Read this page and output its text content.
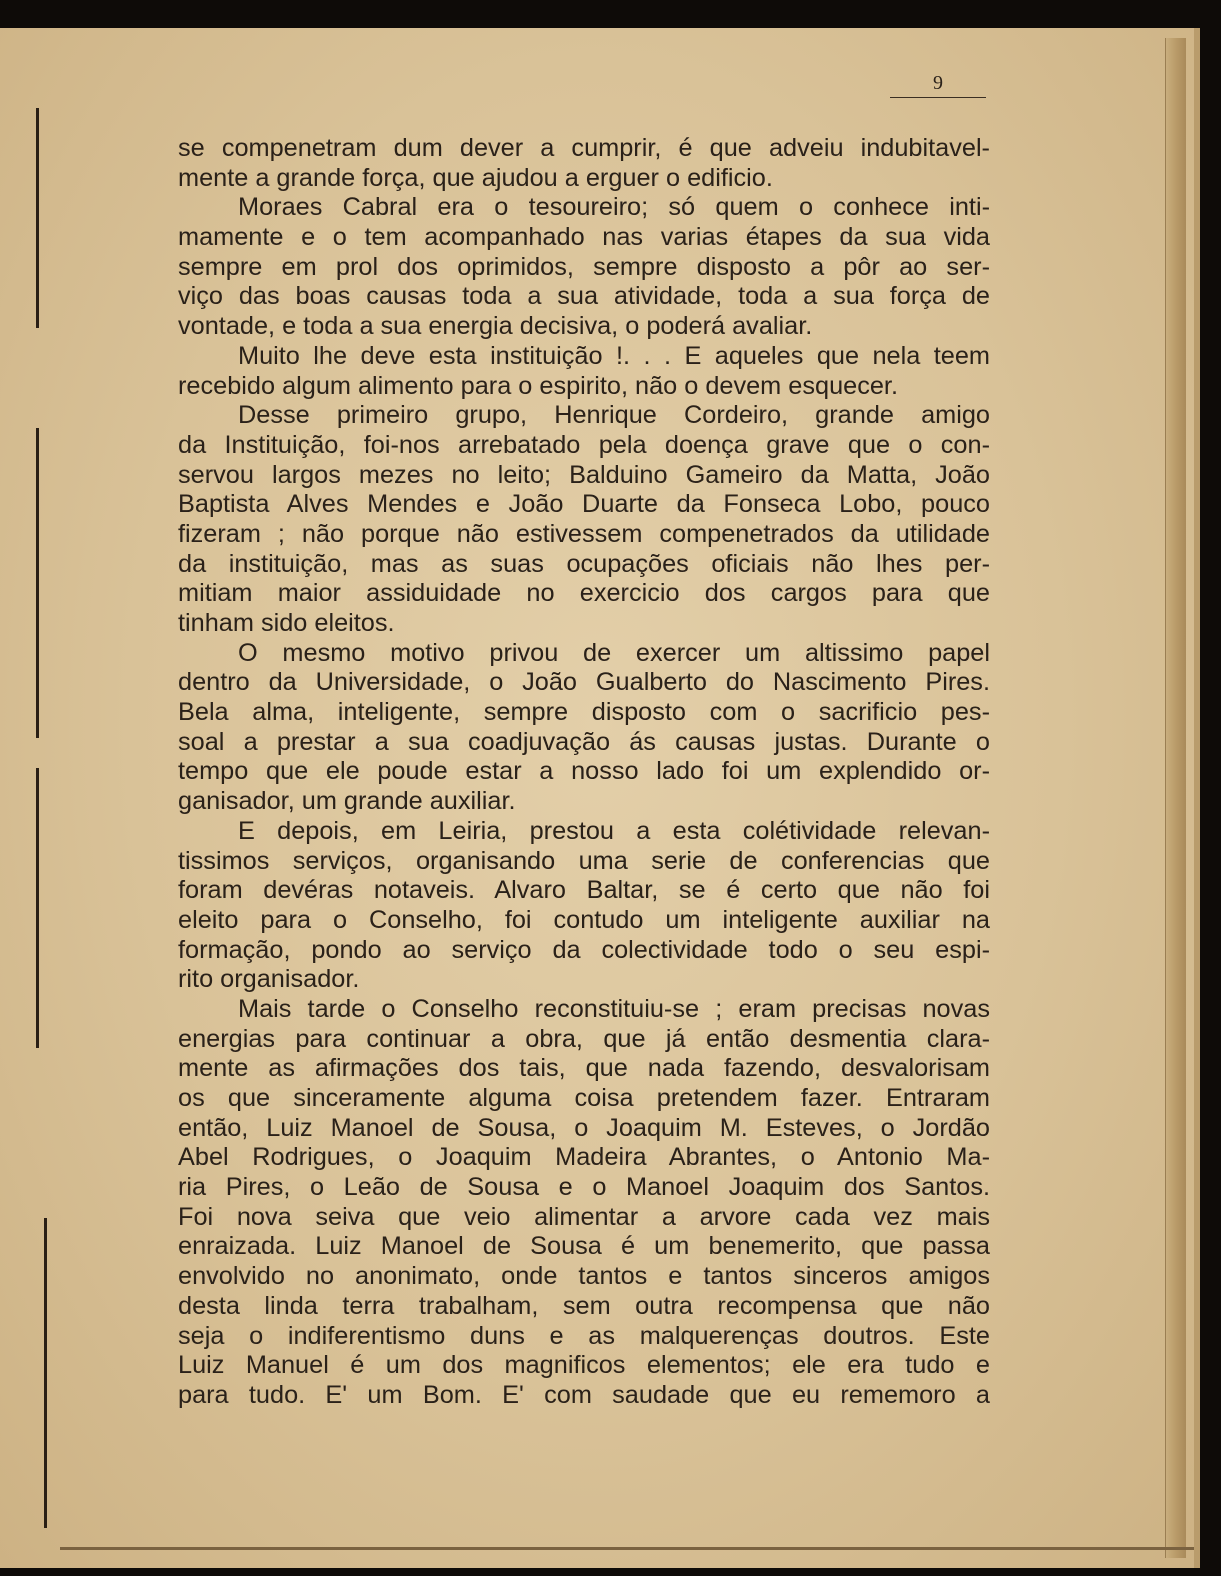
9
se compenetram dum dever a cumprir, é que adveiu indubitavel-
mente a grande força, que ajudou a erguer o edificio.
Moraes Cabral era o tesoureiro; só quem o conhece inti-
mamente e o tem acompanhado nas varias étapes da sua vida
sempre em prol dos oprimidos, sempre disposto a pôr ao ser-
viço das boas causas toda a sua atividade, toda a sua força de
vontade, e toda a sua energia decisiva, o poderá avaliar.
Muito lhe deve esta instituição !. . . E aqueles que nela teem
recebido algum alimento para o espirito, não o devem esquecer.
Desse primeiro grupo, Henrique Cordeiro, grande amigo
da Instituição, foi-nos arrebatado pela doença grave que o con-
servou largos mezes no leito; Balduino Gameiro da Matta, João
Baptista Alves Mendes e João Duarte da Fonseca Lobo, pouco
fizeram ; não porque não estivessem compenetrados da utilidade
da instituição, mas as suas ocupações oficiais não lhes per-
mitiam maior assiduidade no exercicio dos cargos para que
tinham sido eleitos.
O mesmo motivo privou de exercer um altissimo papel
dentro da Universidade, o João Gualberto do Nascimento Pires.
Bela alma, inteligente, sempre disposto com o sacrificio pes-
soal a prestar a sua coadjuvação ás causas justas. Durante o
tempo que ele poude estar a nosso lado foi um explendido or-
ganisador, um grande auxiliar.
E depois, em Leiria, prestou a esta colétividade relevan-
tissimos serviços, organisando uma serie de conferencias que
foram devéras notaveis. Alvaro Baltar, se é certo que não foi
eleito para o Conselho, foi contudo um inteligente auxiliar na
formação, pondo ao serviço da colectividade todo o seu espi-
rito organisador.
Mais tarde o Conselho reconstituiu-se ; eram precisas novas
energias para continuar a obra, que já então desmentia clara-
mente as afirmações dos tais, que nada fazendo, desvalorisam
os que sinceramente alguma coisa pretendem fazer. Entraram
então, Luiz Manoel de Sousa, o Joaquim M. Esteves, o Jordão
Abel Rodrigues, o Joaquim Madeira Abrantes, o Antonio Ma-
ria Pires, o Leão de Sousa e o Manoel Joaquim dos Santos.
Foi nova seiva que veio alimentar a arvore cada vez mais
enraizada. Luiz Manoel de Sousa é um benemerito, que passa
envolvido no anonimato, onde tantos e tantos sinceros amigos
desta linda terra trabalham, sem outra recompensa que não
seja o indiferentismo duns e as malquerenças doutros. Este
Luiz Manuel é um dos magnificos elementos; ele era tudo e
para tudo. E' um Bom. E' com saudade que eu rememoro a
